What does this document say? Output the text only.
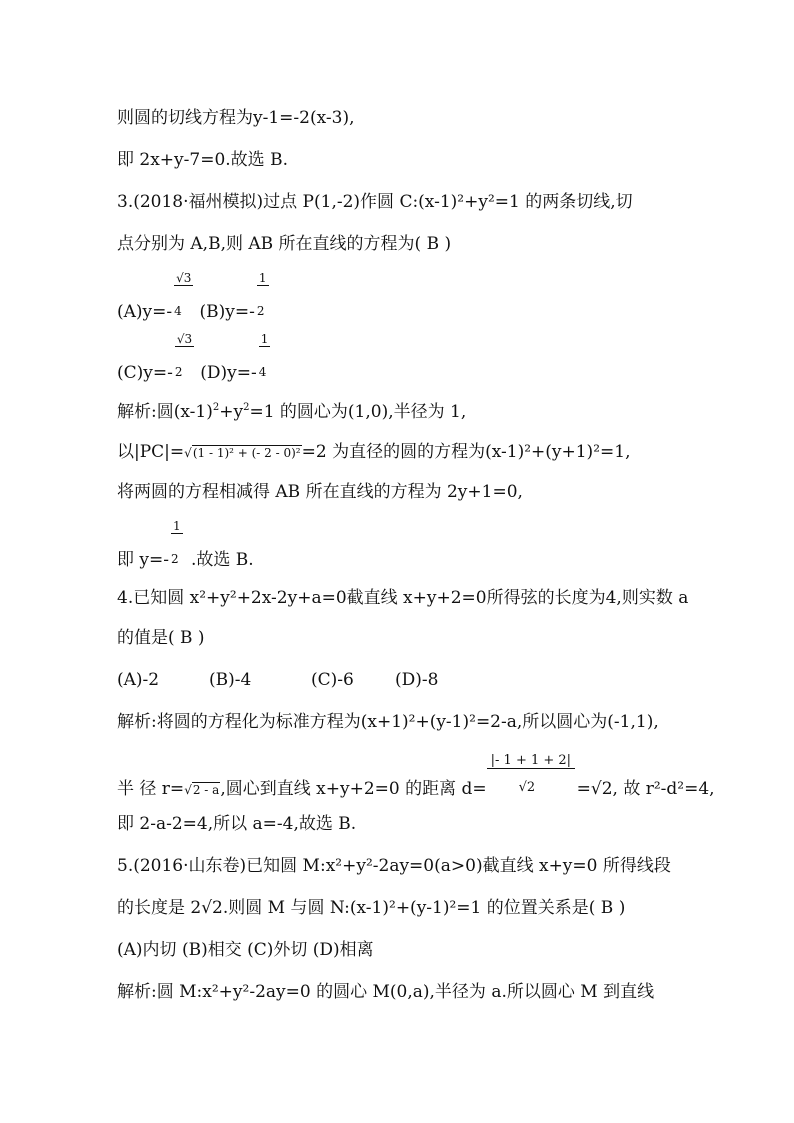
则圆的切线方程为y-1=-2(x-3),
即 2x+y-7=0.故选 B.
3.(2018·福州模拟)过点 P(1,-2)作圆 C:(x-1)²+y²=1 的两条切线,切
点分别为 A,B,则 AB 所在直线的方程为( B )
$(A)y=- \frac{√3}{4} (B)y=- \frac{1}{2}$
$(C)y=- \frac{√3}{2} (D)y=- \frac{1}{4}$
解析:圆$(x-1)^2+y^2=1$ 的圆心为(1,0),半径为 1,
以|PC|=√(1 - 1)² + (- 2 - 0)²=2 为直径的圆的方程为(x-1)²+(y+1)²=1,
将两圆的方程相减得 AB 所在直线的方程为 2y+1=0,
即 $y=- \frac{1}{2}$ .故选 B.
4.已知圆 x²+y²+2x-2y+a=0截直线 x+y+2=0所得弦的长度为4,则实数 a
的值是( B )
(A)-2	(B)-4	(C)-6 (D)-8
解析:将圆的方程化为标准方程为(x+1)²+(y-1)²=2-a,所以圆心为(-1,1),
半 径 r=√2 - a,圆心到直线 x+y+2=0 的距离 $d= \frac{|- 1 + 1 + 2|}{√2} =√2$, 故 r²-d²=4,
即 2-a-2=4,所以 a=-4,故选 B.
5.(2016·山东卷)已知圆 M:x²+y²-2ay=0(a>0)截直线 x+y=0 所得线段
的长度是 2√2.则圆 M 与圆 N:(x-1)²+(y-1)²=1 的位置关系是( B )
(A)内切 (B)相交 (C)外切 (D)相离
解析:圆 M:x²+y²-2ay=0 的圆心 M(0,a),半径为 a.所以圆心 M 到直线
